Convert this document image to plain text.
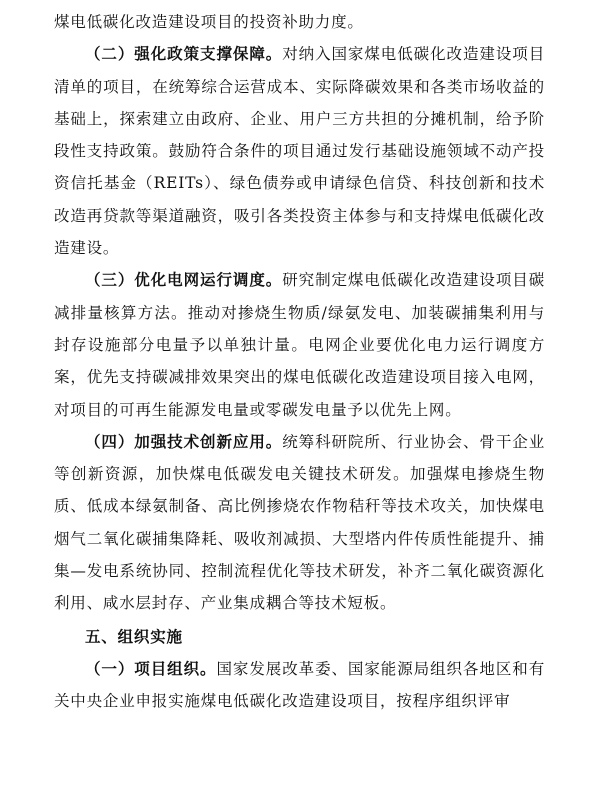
煤电低碳化改造建设项目的投资补助力度。

（二）强化政策支撑保障。对纳入国家煤电低碳化改造建设项目清单的项目，在统筹综合运营成本、实际降碳效果和各类市场收益的基础上，探索建立由政府、企业、用户三方共担的分摊机制，给予阶段性支持政策。鼓励符合条件的项目通过发行基础设施领域不动产投资信托基金（REITs）、绿色债券或申请绿色信贷、科技创新和技术改造再贷款等渠道融资，吸引各类投资主体参与和支持煤电低碳化改造建设。

（三）优化电网运行调度。研究制定煤电低碳化改造建设项目碳减排量核算方法。推动对掺烧生物质/绿氨发电、加装碳捕集利用与封存设施部分电量予以单独计量。电网企业要优化电力运行调度方案，优先支持碳减排效果突出的煤电低碳化改造建设项目接入电网，对项目的可再生能源发电量或零碳发电量予以优先上网。

（四）加强技术创新应用。统筹科研院所、行业协会、骨干企业等创新资源，加快煤电低碳发电关键技术研发。加强煤电掺烧生物质、低成本绿氨制备、高比例掺烧农作物秸秆等技术攻关，加快煤电烟气二氧化碳捕集降耗、吸收剂减损、大型塔内件传质性能提升、捕集—发电系统协同、控制流程优化等技术研发，补齐二氧化碳资源化利用、咸水层封存、产业集成耦合等技术短板。

五、组织实施

（一）项目组织。国家发展改革委、国家能源局组织各地区和有关中央企业申报实施煤电低碳化改造建设项目，按程序组织评审
